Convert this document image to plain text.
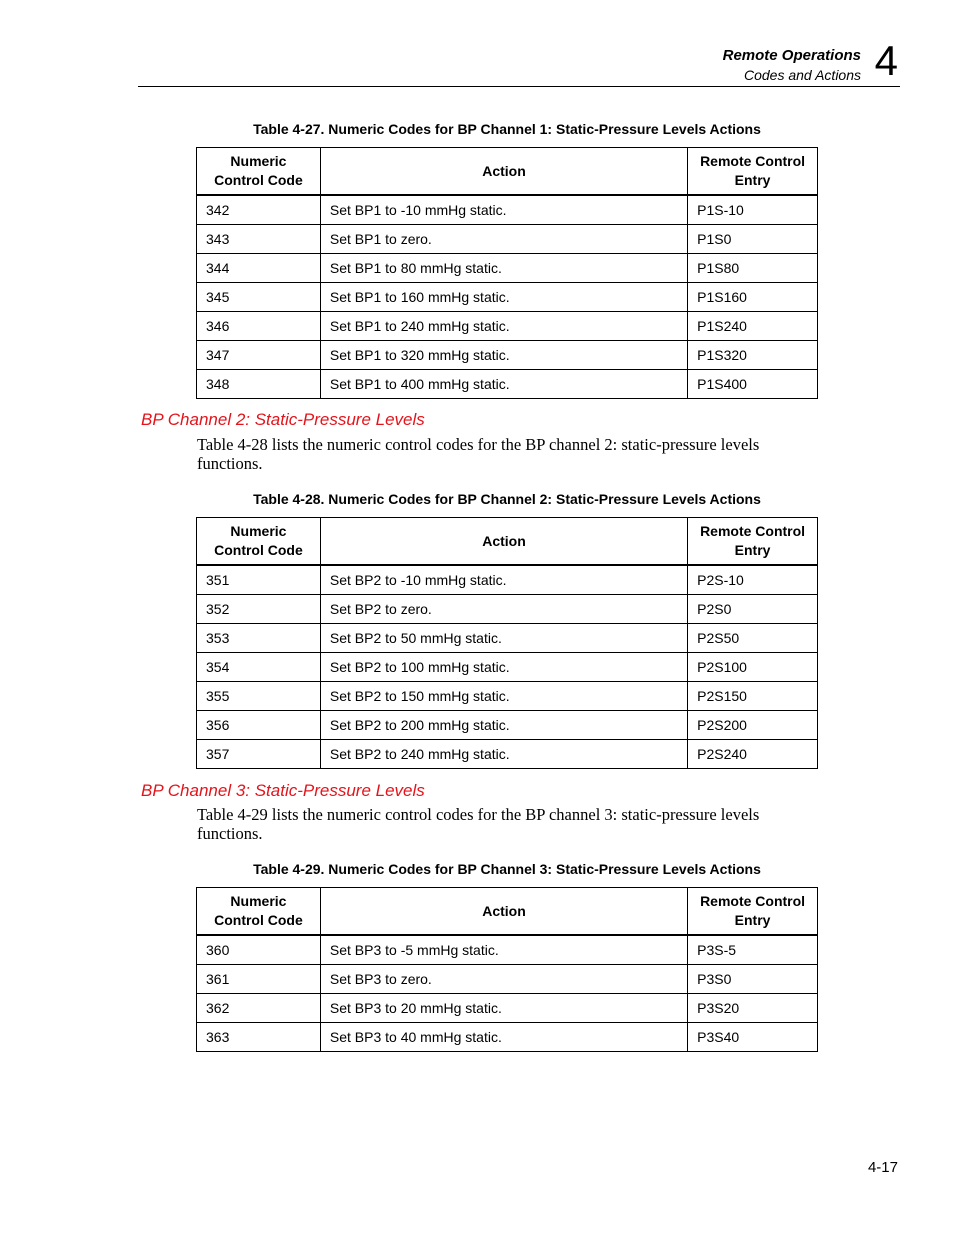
Remote Operations
Codes and Actions 4
Table 4-27. Numeric Codes for BP Channel 1: Static-Pressure Levels Actions
Numeric Control Code	Action	Remote Control Entry
342	Set BP1 to -10 mmHg static.	P1S-10
343	Set BP1 to zero.	P1S0
344	Set BP1 to 80 mmHg static.	P1S80
345	Set BP1 to 160 mmHg static.	P1S160
346	Set BP1 to 240 mmHg static.	P1S240
347	Set BP1 to 320 mmHg static.	P1S320
348	Set BP1 to 400 mmHg static.	P1S400
BP Channel 2: Static-Pressure Levels
Table 4-28 lists the numeric control codes for the BP channel 2: static-pressure levels functions.
Table 4-28. Numeric Codes for BP Channel 2: Static-Pressure Levels Actions
Numeric Control Code	Action	Remote Control Entry
351	Set BP2 to -10 mmHg static.	P2S-10
352	Set BP2 to zero.	P2S0
353	Set BP2 to 50 mmHg static.	P2S50
354	Set BP2 to 100 mmHg static.	P2S100
355	Set BP2 to 150 mmHg static.	P2S150
356	Set BP2 to 200 mmHg static.	P2S200
357	Set BP2 to 240 mmHg static.	P2S240
BP Channel 3: Static-Pressure Levels
Table 4-29 lists the numeric control codes for the BP channel 3: static-pressure levels functions.
Table 4-29. Numeric Codes for BP Channel 3: Static-Pressure Levels Actions
Numeric Control Code	Action	Remote Control Entry
360	Set BP3 to -5 mmHg static.	P3S-5
361	Set BP3 to zero.	P3S0
362	Set BP3 to 20 mmHg static.	P3S20
363	Set BP3 to 40 mmHg static.	P3S40
4-17
